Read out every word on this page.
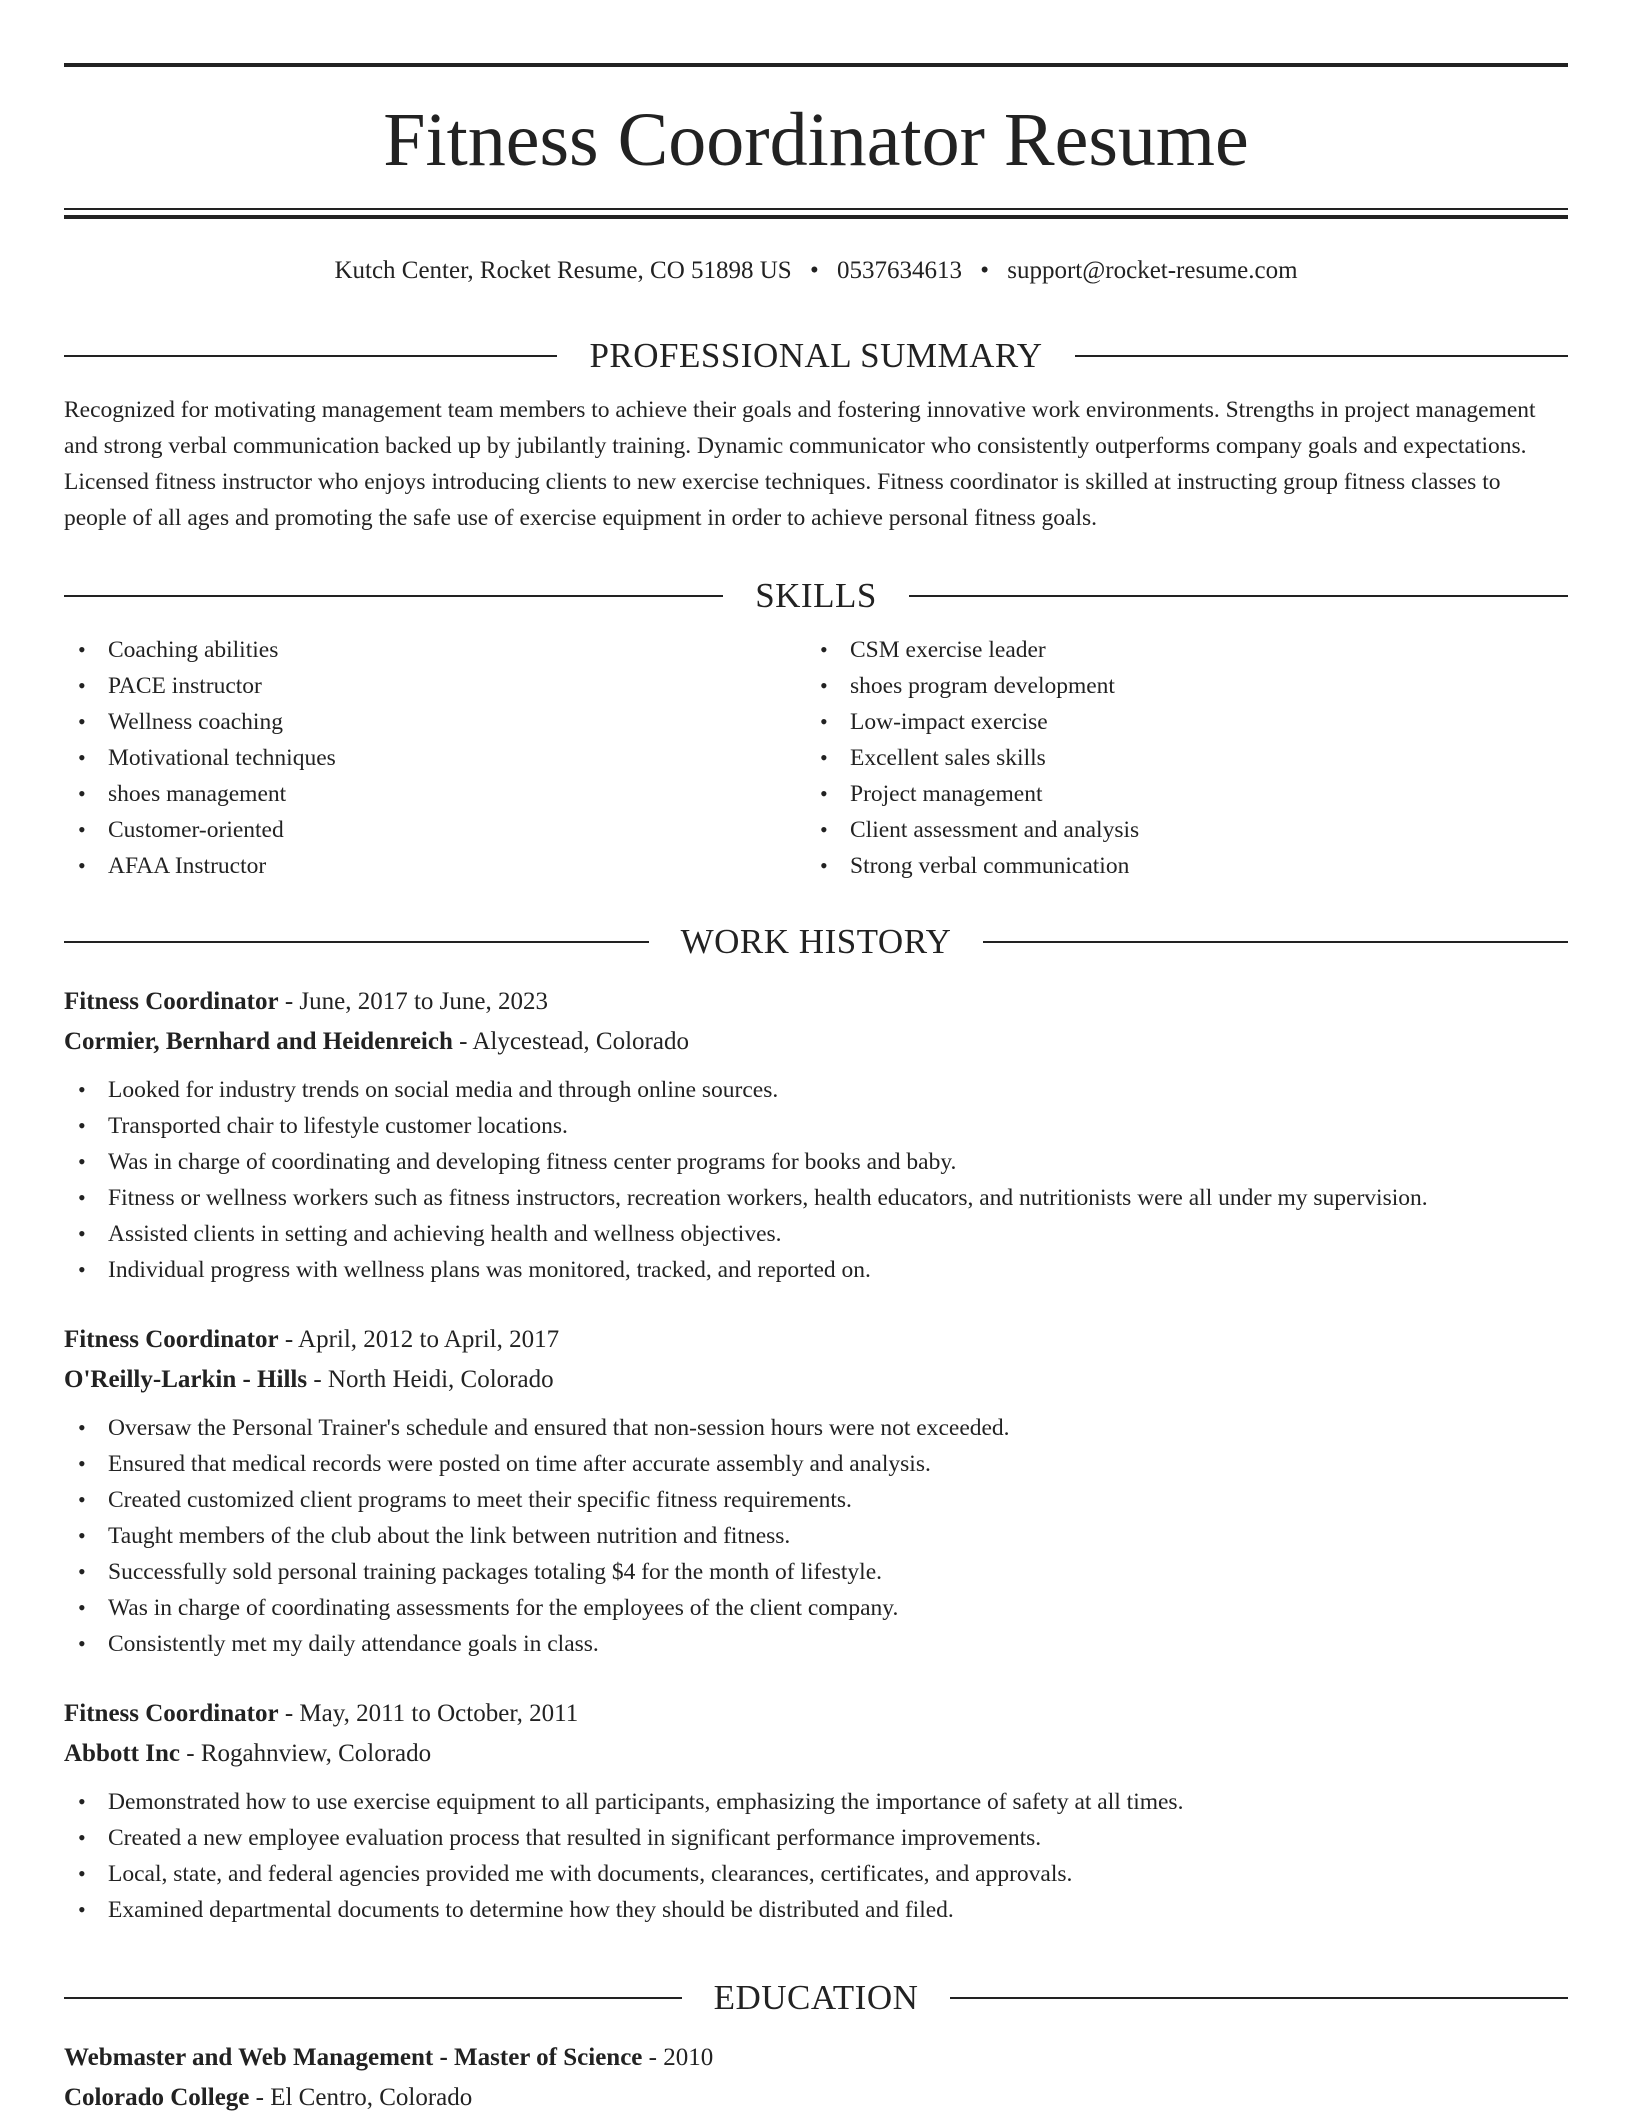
Fitness Coordinator Resume
Kutch Center, Rocket Resume, CO 51898 US • 0537634613 • support@rocket-resume.com
PROFESSIONAL SUMMARY

Recognized for motivating management team members to achieve their goals and fostering innovative work environments. Strengths in project management and strong verbal communication backed up by jubilantly training. Dynamic communicator who consistently outperforms company goals and expectations. Licensed fitness instructor who enjoys introducing clients to new exercise techniques. Fitness coordinator is skilled at instructing group fitness classes to people of all ages and promoting the safe use of exercise equipment in order to achieve personal fitness goals.

SKILLS
• Coaching abilities
• PACE instructor
• Wellness coaching
• Motivational techniques
• shoes management
• Customer-oriented
• AFAA Instructor
• CSM exercise leader
• shoes program development
• Low-impact exercise
• Excellent sales skills
• Project management
• Client assessment and analysis
• Strong verbal communication
WORK HISTORY
Fitness Coordinator - June, 2017 to June, 2023
Cormier, Bernhard and Heidenreich - Alycestead, Colorado
• Looked for industry trends on social media and through online sources.
• Transported chair to lifestyle customer locations.
• Was in charge of coordinating and developing fitness center programs for books and baby.
• Fitness or wellness workers such as fitness instructors, recreation workers, health educators, and nutritionists were all under my supervision.
• Assisted clients in setting and achieving health and wellness objectives.
• Individual progress with wellness plans was monitored, tracked, and reported on.
Fitness Coordinator - April, 2012 to April, 2017
O'Reilly-Larkin - Hills - North Heidi, Colorado
• Oversaw the Personal Trainer's schedule and ensured that non-session hours were not exceeded.
• Ensured that medical records were posted on time after accurate assembly and analysis.
• Created customized client programs to meet their specific fitness requirements.
• Taught members of the club about the link between nutrition and fitness.
• Successfully sold personal training packages totaling $4 for the month of lifestyle.
• Was in charge of coordinating assessments for the employees of the client company.
• Consistently met my daily attendance goals in class.
Fitness Coordinator - May, 2011 to October, 2011
Abbott Inc - Rogahnview, Colorado
• Demonstrated how to use exercise equipment to all participants, emphasizing the importance of safety at all times.
• Created a new employee evaluation process that resulted in significant performance improvements.
• Local, state, and federal agencies provided me with documents, clearances, certificates, and approvals.
• Examined departmental documents to determine how they should be distributed and filed.
EDUCATION
Webmaster and Web Management - Master of Science - 2010
Colorado College - El Centro, Colorado
